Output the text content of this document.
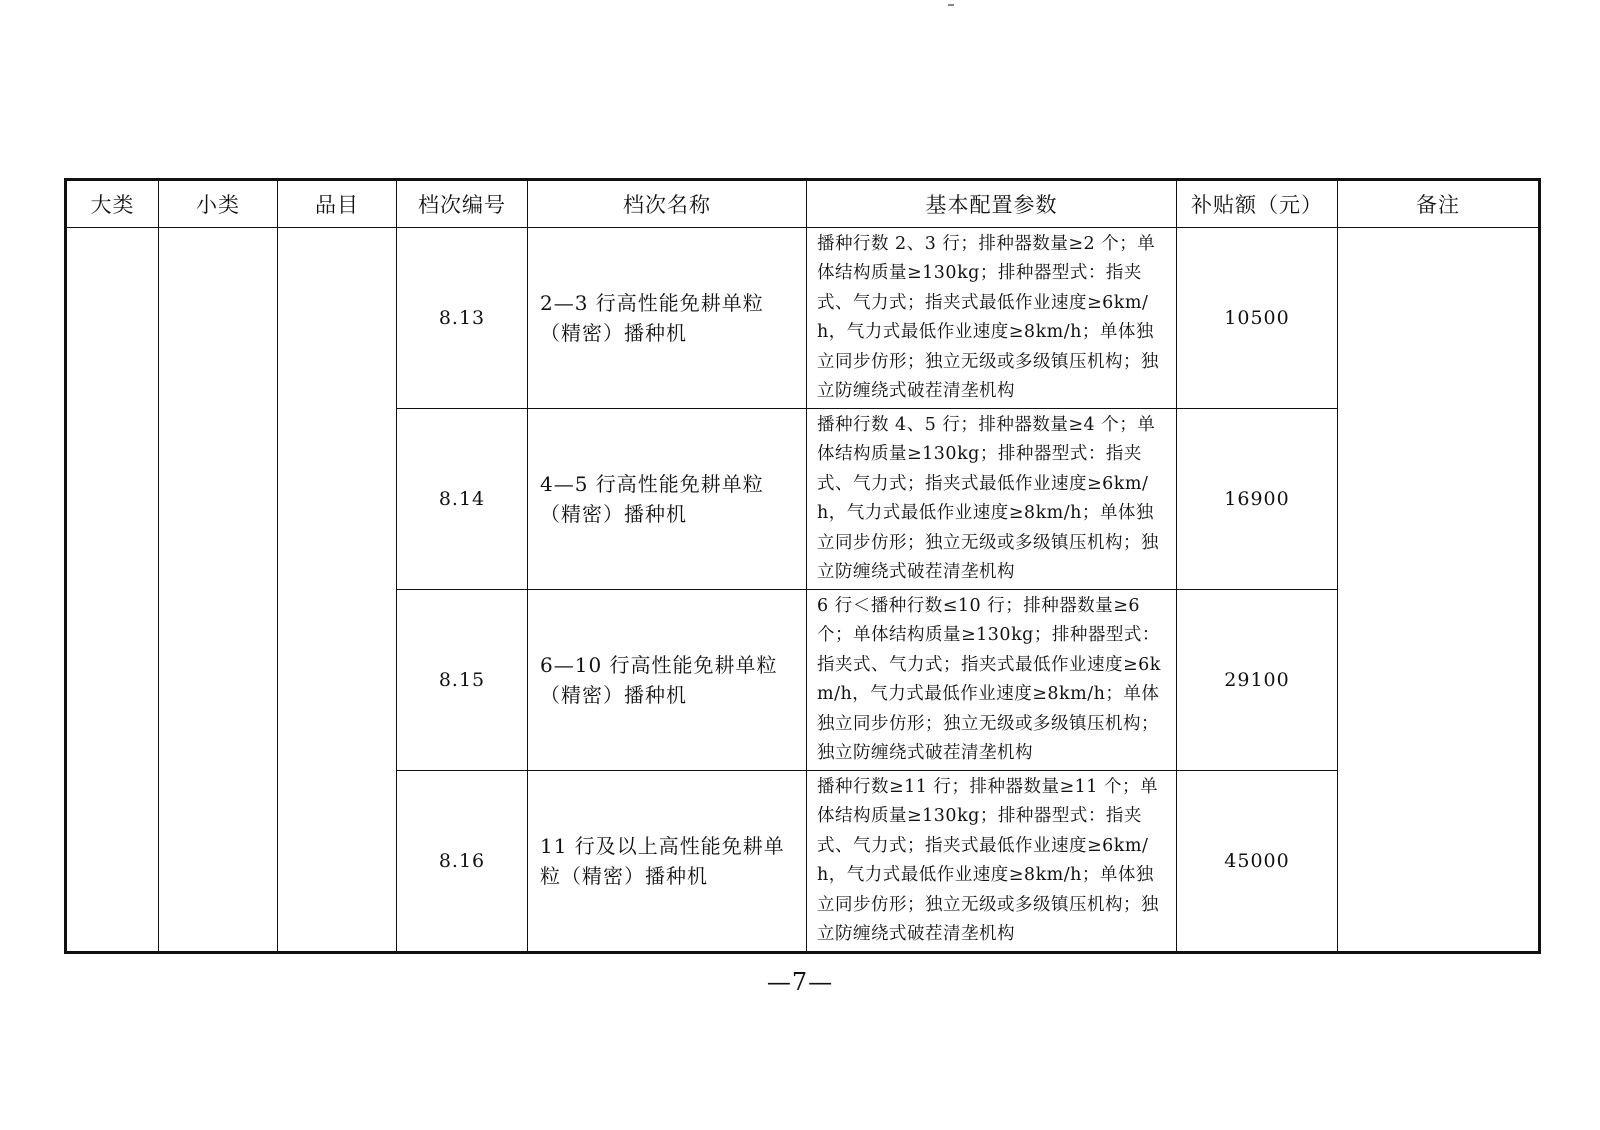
大类	小类	品目	档次编号	档次名称	基本配置参数	补贴额（元）	备注
			8.13	2—3 行高性能免耕单粒（精密）播种机	播种行数 2、3 行；排种器数量≥2 个；单体结构质量≥130kg；排种器型式：指夹式、气力式；指夹式最低作业速度≥6km/h，气力式最低作业速度≥8km/h；单体独立同步仿形；独立无级或多级镇压机构；独立防缠绕式破茬清垄机构	10500	
			8.14	4—5 行高性能免耕单粒（精密）播种机	播种行数 4、5 行；排种器数量≥4 个；单体结构质量≥130kg；排种器型式：指夹式、气力式；指夹式最低作业速度≥6km/h，气力式最低作业速度≥8km/h；单体独立同步仿形；独立无级或多级镇压机构；独立防缠绕式破茬清垄机构	16900	
			8.15	6—10 行高性能免耕单粒（精密）播种机	6 行＜播种行数≤10 行；排种器数量≥6 个；单体结构质量≥130kg；排种器型式：指夹式、气力式；指夹式最低作业速度≥6km/h，气力式最低作业速度≥8km/h；单体独立同步仿形；独立无级或多级镇压机构；独立防缠绕式破茬清垄机构	29100	
			8.16	11 行及以上高性能免耕单粒（精密）播种机	播种行数≥11 行；排种器数量≥11 个；单体结构质量≥130kg；排种器型式：指夹式、气力式；指夹式最低作业速度≥6km/h，气力式最低作业速度≥8km/h；单体独立同步仿形；独立无级或多级镇压机构；独立防缠绕式破茬清垄机构	45000	
—7—
